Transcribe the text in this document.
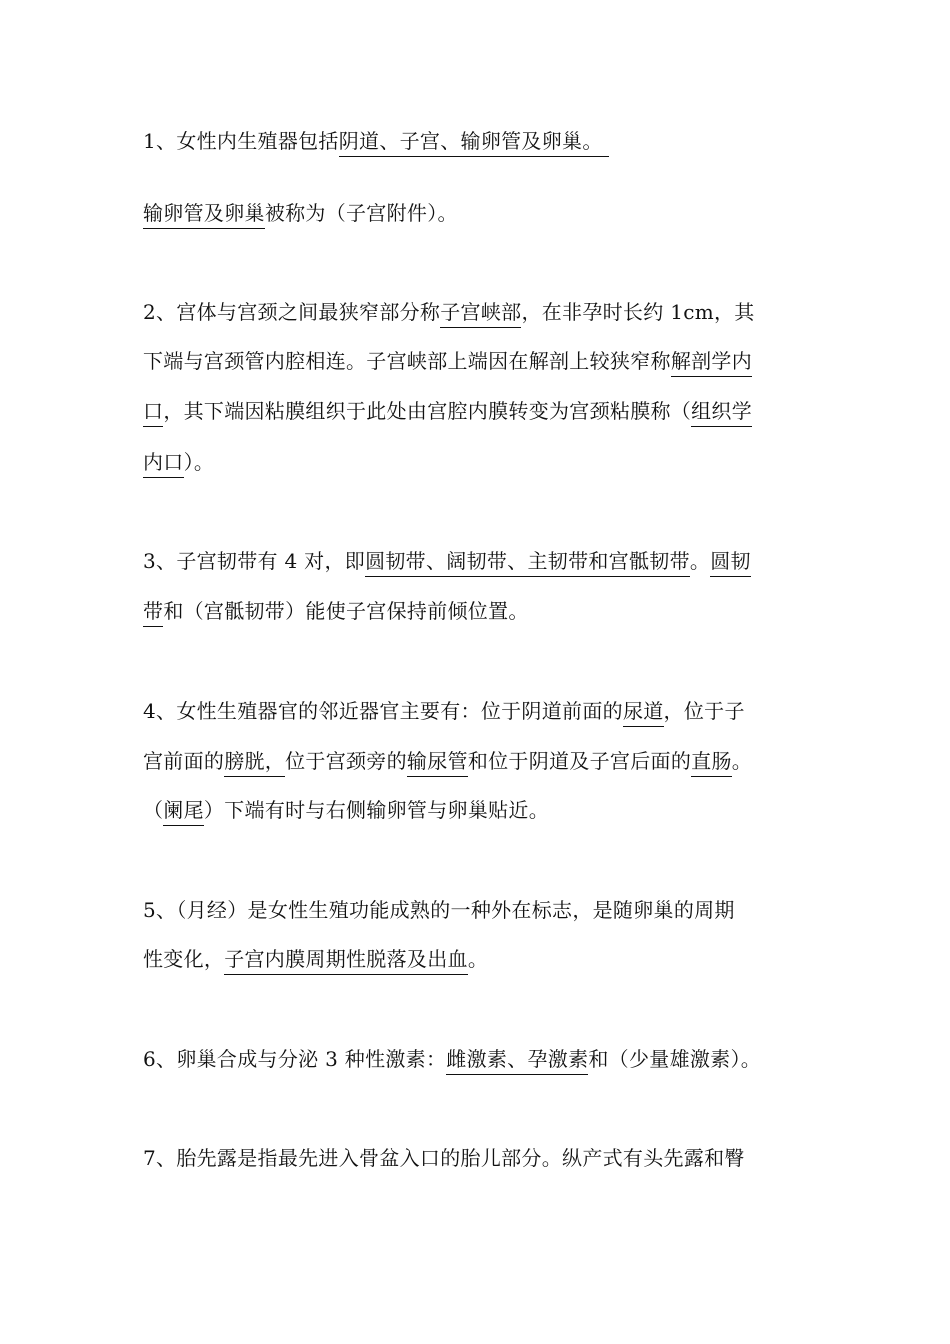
1、女性内生殖器包括阴道、子宫、输卵管及卵巢。
输卵管及卵巢被称为（子宫附件）。
2、宫体与宫颈之间最狭窄部分称子宫峡部，在非孕时长约 1cm，其
下端与宫颈管内腔相连。子宫峡部上端因在解剖上较狭窄称解剖学内
口，其下端因粘膜组织于此处由宫腔内膜转变为宫颈粘膜称（组织学
内口）。
3、子宫韧带有 4 对，即圆韧带、阔韧带、主韧带和宫骶韧带。圆韧
带和（宫骶韧带）能使子宫保持前倾位置。
4、女性生殖器官的邻近器官主要有：位于阴道前面的尿道，位于子
宫前面的膀胱，位于宫颈旁的输尿管和位于阴道及子宫后面的直肠。
（阑尾）下端有时与右侧输卵管与卵巢贴近。
5、（月经）是女性生殖功能成熟的一种外在标志，是随卵巢的周期
性变化，子宫内膜周期性脱落及出血。
6、卵巢合成与分泌 3 种性激素：雌激素、孕激素和（少量雄激素）。
7、胎先露是指最先进入骨盆入口的胎儿部分。纵产式有头先露和臀
